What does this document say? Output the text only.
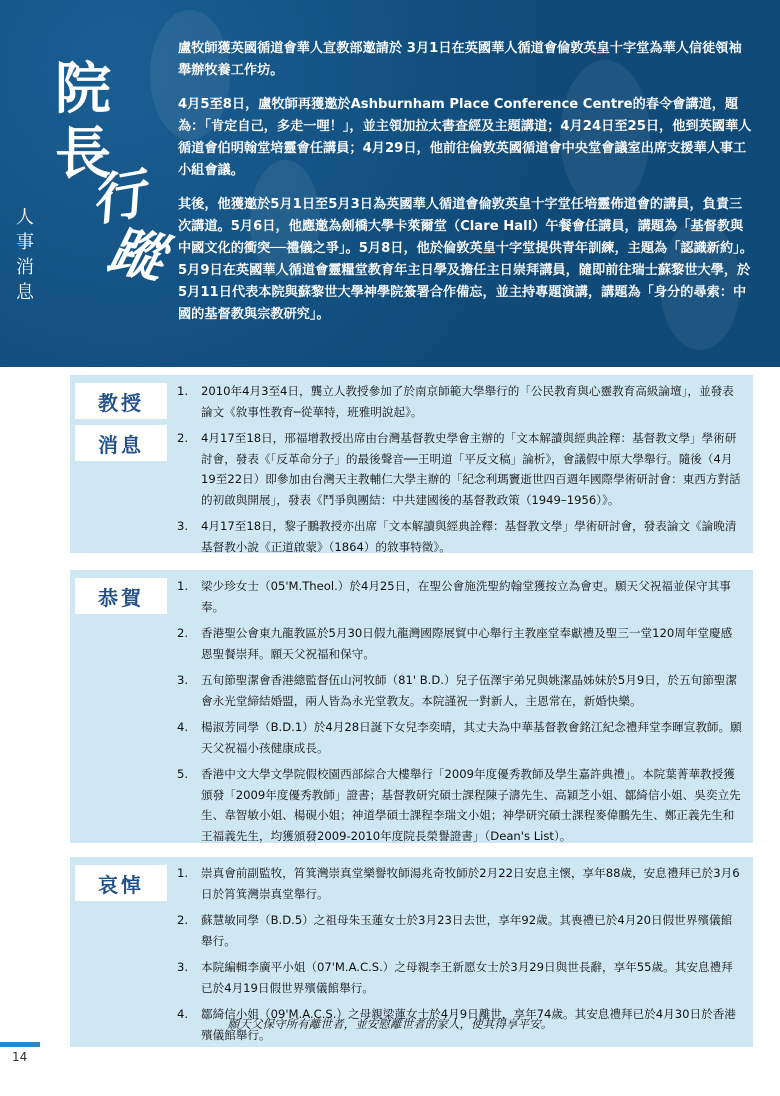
院
長
行
蹤
人
事
消
息

盧牧師獲英國循道會華人宣教部邀請於 3月1日在英國華人循道會倫敦英皇十字堂為華人信徒領袖舉辦牧養工作坊。

4月5至8日，盧牧師再獲邀於Ashburnham Place Conference Centre的春令會講道，題為：「肯定自己，多走一哩！」，並主領加拉太書查經及主題講道；4月24日至25日，他到英國華人循道會伯明翰堂培靈會任講員；4月29日，他前往倫敦英國循道會中央堂會議室出席支援華人事工小組會議。

其後，他獲邀於5月1日至5月3日為英國華人循道會倫敦英皇十字堂任培靈佈道會的講員，負責三次講道。5月6日，他應邀為劍橋大學卡萊爾堂（Clare Hall）午餐會任講員，講題為「基督教與中國文化的衝突──禮儀之爭」。5月8日，他於倫敦英皇十字堂提供青年訓練，主題為「認識新約」。5月9日在英國華人循道會靈糧堂教育年主日學及擔任主日崇拜講員，隨即前往瑞士蘇黎世大學，於5月11日代表本院與蘇黎世大學神學院簽署合作備忘，並主持專題演講，講題為「身分的尋索：中國的基督教與宗教研究」。

教授
消息
1. 2010年4月3至4日，龔立人教授參加了於南京師範大學舉行的「公民教育與心靈教育高級論壇」，並發表論文《敘事性教育─從華特，班雅明說起》。
2. 4月17至18日，邢福增教授出席由台灣基督教史學會主辦的「文本解讀與經典詮釋：基督教文學」學術研討會，發表《「反革命分子」的最後聲音──王明道「平反文稿」論析》，會議假中原大學舉行。隨後（4月19至22日）即參加由台灣天主教輔仁大學主辦的「紀念利瑪竇逝世四百週年國際學術研討會：東西方對話的初啟與開展」，發表《鬥爭與團結：中共建國後的基督教政策（1949–1956）》。
3. 4月17至18日，黎子鵬教授亦出席「文本解讀與經典詮釋：基督教文學」學術研討會，發表論文《論晚清基督教小說《正道啟蒙》（1864）的敘事特徵》。
恭賀	1. 梁少珍女士（05'M.Theol.）於4月25日，在聖公會施洗聖約翰堂獲按立為會吏。願天父祝福並保守其事奉。
2. 香港聖公會東九龍教區於5月30日假九龍灣國際展貿中心舉行主教座堂奉獻禮及聖三一堂120周年堂慶感恩聖餐崇拜。願天父祝福和保守。
3. 五旬節聖潔會香港總監督伍山河牧師（81' B.D.）兒子伍澤宇弟兄與姚潔晶姊妹於5月9日，於五旬節聖潔會永光堂締結婚盟，兩人皆為永光堂教友。本院謹祝一對新人，主恩常在，新婚快樂。
4. 楊淑芳同學（B.D.1）於4月28日誕下女兒李奕晴，其丈夫為中華基督教會銘江紀念禮拜堂李暉宣教師。願天父祝福小孩健康成長。
5. 香港中文大學文學院假校園西部綜合大樓舉行「2009年度優秀教師及學生嘉許典禮」。本院葉菁華教授獲頒發「2009年度優秀教師」證書；基督教研究碩士課程陳子濤先生、高穎芝小姐、鄒綺信小姐、吳奕立先生、韋智敏小姐、楊硯小姐；神道學碩士課程李瑞文小姐；神學研究碩士課程麥偉鵬先生、鄭正義先生和王福義先生，均獲頒發2009-2010年度院長榮譽證書」（Dean's List）。
哀悼	1. 崇真會前副監牧，筲箕灣崇真堂樂譽牧師湯兆奇牧師於2月22日安息主懷，享年88歲，安息禮拜已於3月6日於筲箕灣崇真堂舉行。
2. 蘇慧敏同學（B.D.5）之祖母朱玉蓮女士於3月23日去世，享年92歲。其喪禮已於4月20日假世界殯儀館舉行。
3. 本院編輯李廣平小姐（07'M.A.C.S.）之母親李王新愿女士於3月29日與世長辭，享年55歲。其安息禮拜已於4月19日假世界殯儀館舉行。
4. 鄒綺信小姐（09'M.A.C.S.）之母親梁蓮女士於4月9日離世，享年74歲。其安息禮拜已於4月30日於香港殯儀館舉行。
願天父保守所有離世者，並安慰離世者的家人，使其得享平安。
14
